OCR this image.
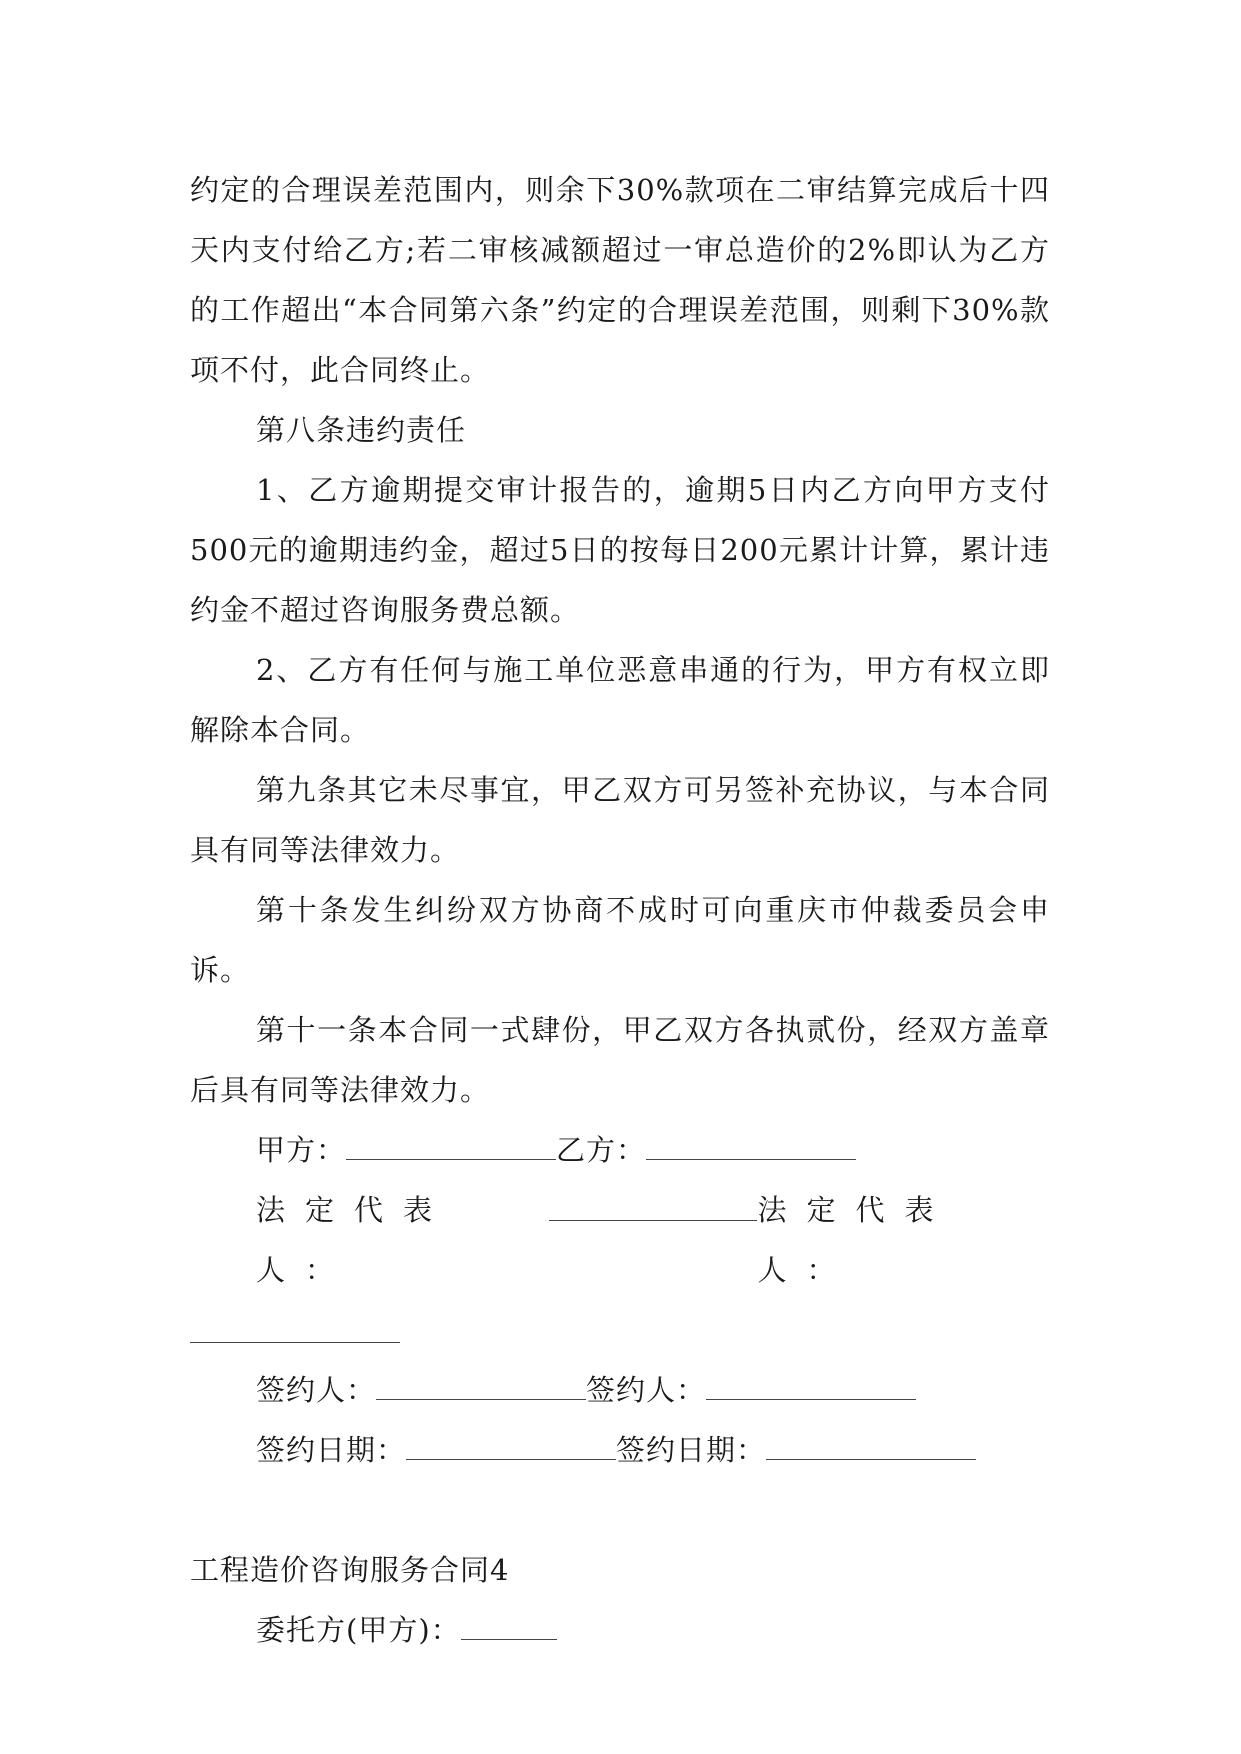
约定的合理误差范围内，则余下30%款项在二审结算完成后十四天内支付给乙方;若二审核减额超过一审总造价的2%即认为乙方的工作超出“本合同第六条”约定的合理误差范围，则剩下30%款项不付，此合同终止。

第八条违约责任

1、乙方逾期提交审计报告的，逾期5日内乙方向甲方支付500元的逾期违约金，超过5日的按每日200元累计计算，累计违约金不超过咨询服务费总额。

2、乙方有任何与施工单位恶意串通的行为，甲方有权立即解除本合同。

第九条其它未尽事宜，甲乙双方可另签补充协议，与本合同具有同等法律效力。

第十条发生纠纷双方协商不成时可向重庆市仲裁委员会申诉。

第十一条本合同一式肆份，甲乙双方各执贰份，经双方盖章后具有同等法律效力。

甲方：	乙方：
法定代表人：
法定代表人：
签约人：	签约人：
签约日期：	签约日期：

工程造价咨询服务合同4

委托方(甲方)：
